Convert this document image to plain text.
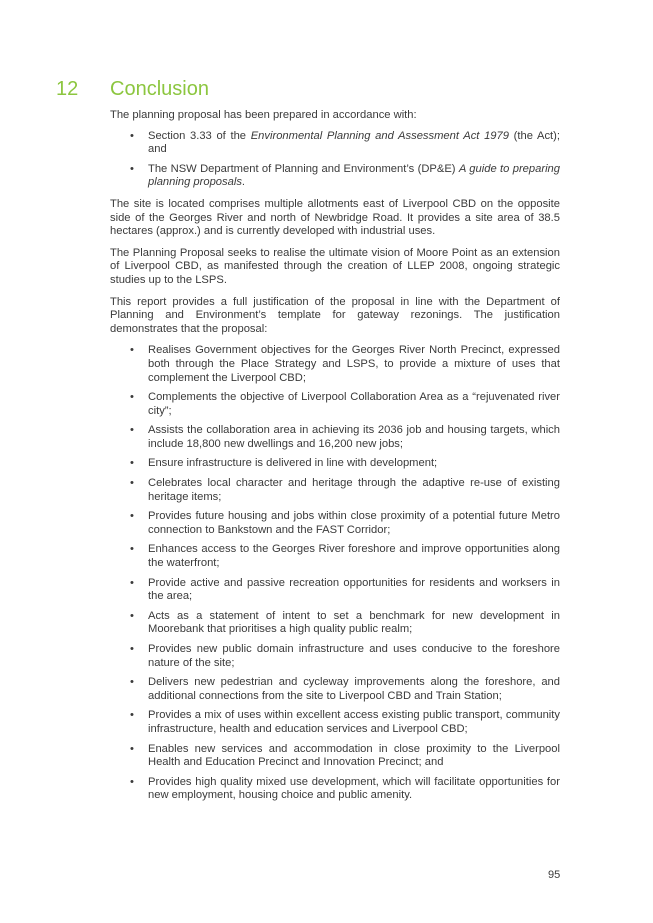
12	Conclusion

The planning proposal has been prepared in accordance with:

• Section 3.33 of the Environmental Planning and Assessment Act 1979 (the Act); and
• The NSW Department of Planning and Environment’s (DP&E) A guide to preparing planning proposals.

The site is located comprises multiple allotments east of Liverpool CBD on the opposite side of the Georges River and north of Newbridge Road. It provides a site area of 38.5 hectares (approx.) and is currently developed with industrial uses.

The Planning Proposal seeks to realise the ultimate vision of Moore Point as an extension of Liverpool CBD, as manifested through the creation of LLEP 2008, ongoing strategic studies up to the LSPS.

This report provides a full justification of the proposal in line with the Department of Planning and Environment’s template for gateway rezonings. The justification demonstrates that the proposal:

• Realises Government objectives for the Georges River North Precinct, expressed both through the Place Strategy and LSPS, to provide a mixture of uses that complement the Liverpool CBD;
• Complements the objective of Liverpool Collaboration Area as a “rejuvenated river city”;
• Assists the collaboration area in achieving its 2036 job and housing targets, which include 18,800 new dwellings and 16,200 new jobs;
• Ensure infrastructure is delivered in line with development;
• Celebrates local character and heritage through the adaptive re-use of existing heritage items;
• Provides future housing and jobs within close proximity of a potential future Metro connection to Bankstown and the FAST Corridor;
• Enhances access to the Georges River foreshore and improve opportunities along the waterfront;
• Provide active and passive recreation opportunities for residents and worksers in the area;
• Acts as a statement of intent to set a benchmark for new development in Moorebank that prioritises a high quality public realm;
• Provides new public domain infrastructure and uses conducive to the foreshore nature of the site;
• Delivers new pedestrian and cycleway improvements along the foreshore, and additional connections from the site to Liverpool CBD and Train Station;
• Provides a mix of uses within excellent access existing public transport, community infrastructure, health and education services and Liverpool CBD;
• Enables new services and accommodation in close proximity to the Liverpool Health and Education Precinct and Innovation Precinct; and
• Provides high quality mixed use development, which will facilitate opportunities for new employment, housing choice and public amenity.
95
